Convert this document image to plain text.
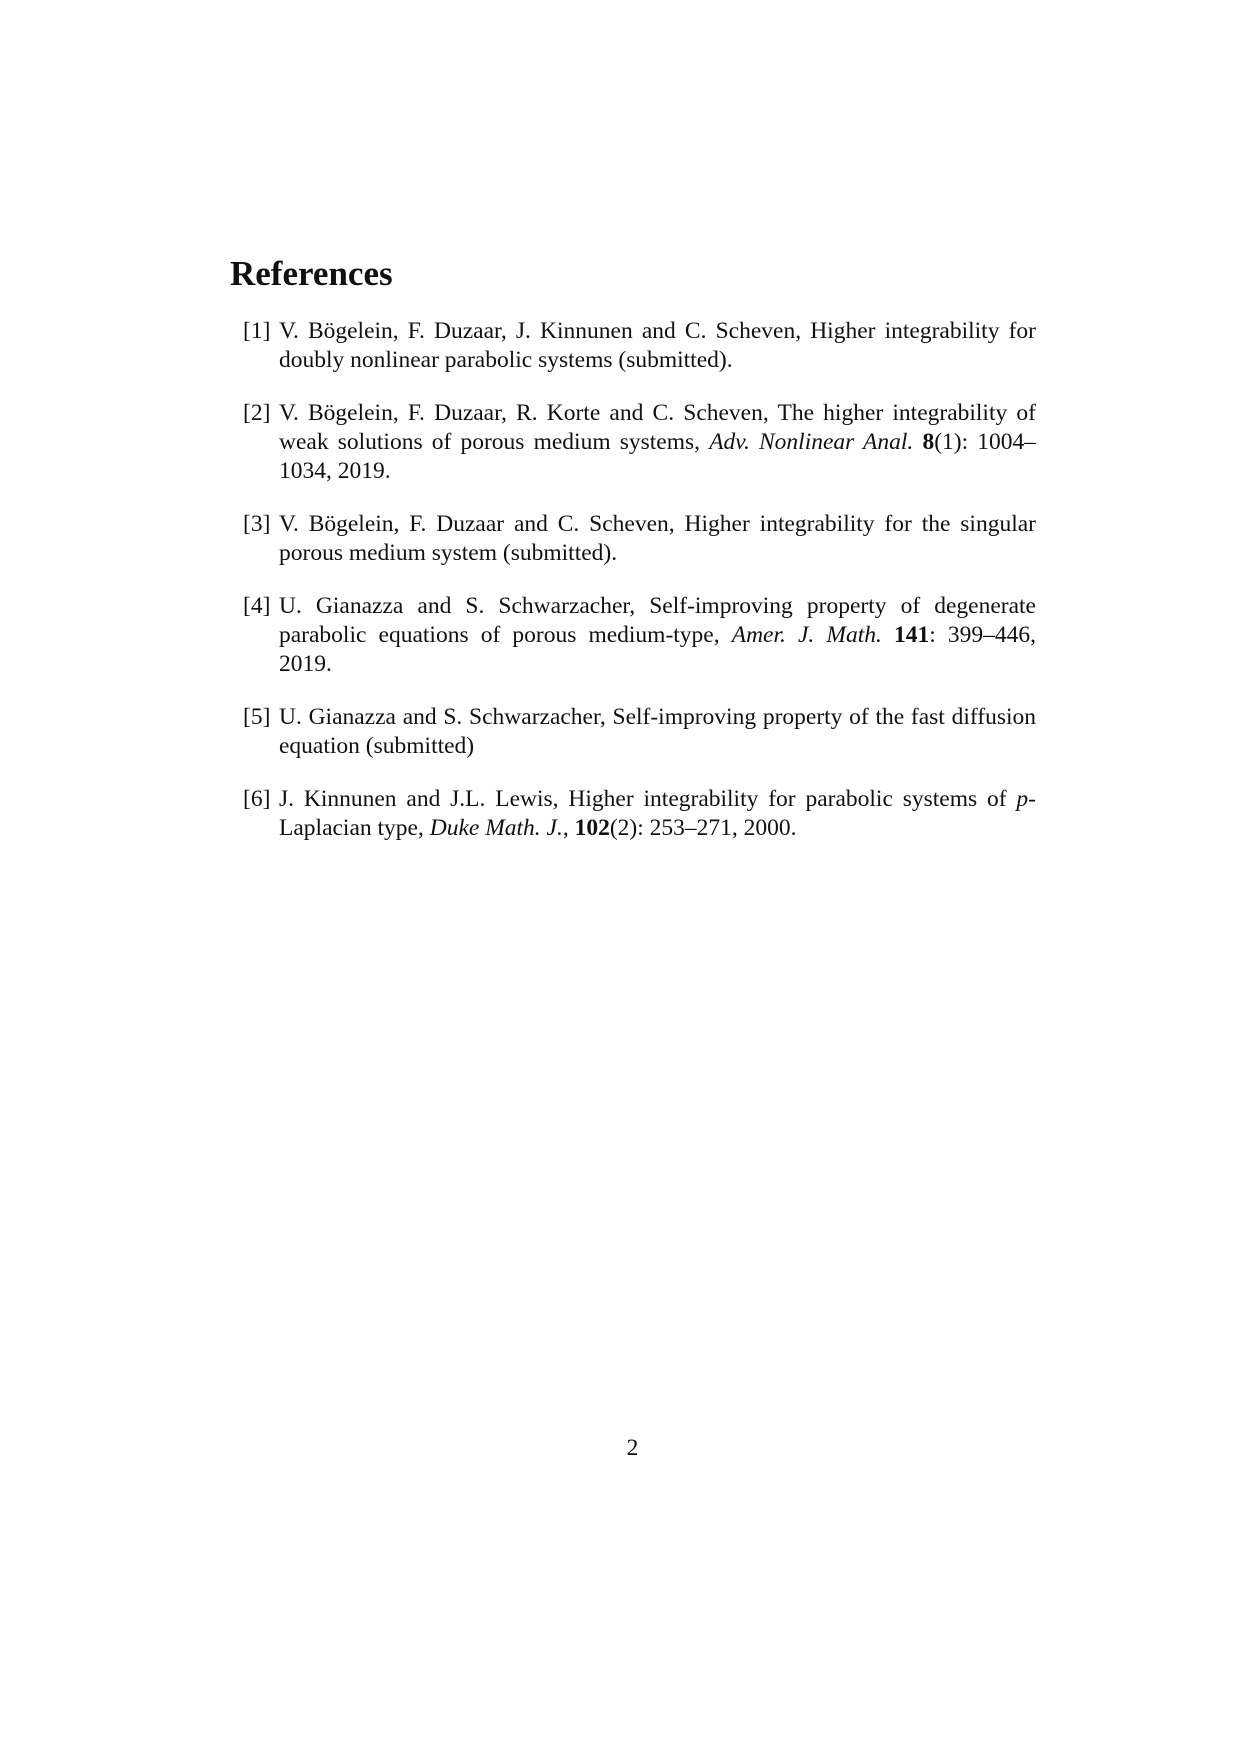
References
[1] V. Bögelein, F. Duzaar, J. Kinnunen and C. Scheven, Higher integrability for doubly nonlinear parabolic systems (submitted).
[2] V. Bögelein, F. Duzaar, R. Korte and C. Scheven, The higher integrability of weak solutions of porous medium systems, Adv. Nonlinear Anal. 8(1): 1004–1034, 2019.
[3] V. Bögelein, F. Duzaar and C. Scheven, Higher integrability for the singular porous medium system (submitted).
[4] U. Gianazza and S. Schwarzacher, Self-improving property of degenerate parabolic equations of porous medium-type, Amer. J. Math. 141: 399–446, 2019.
[5] U. Gianazza and S. Schwarzacher, Self-improving property of the fast diffusion equation (submitted)
[6] J. Kinnunen and J.L. Lewis, Higher integrability for parabolic systems of p-Laplacian type, Duke Math. J., 102(2): 253–271, 2000.
2
